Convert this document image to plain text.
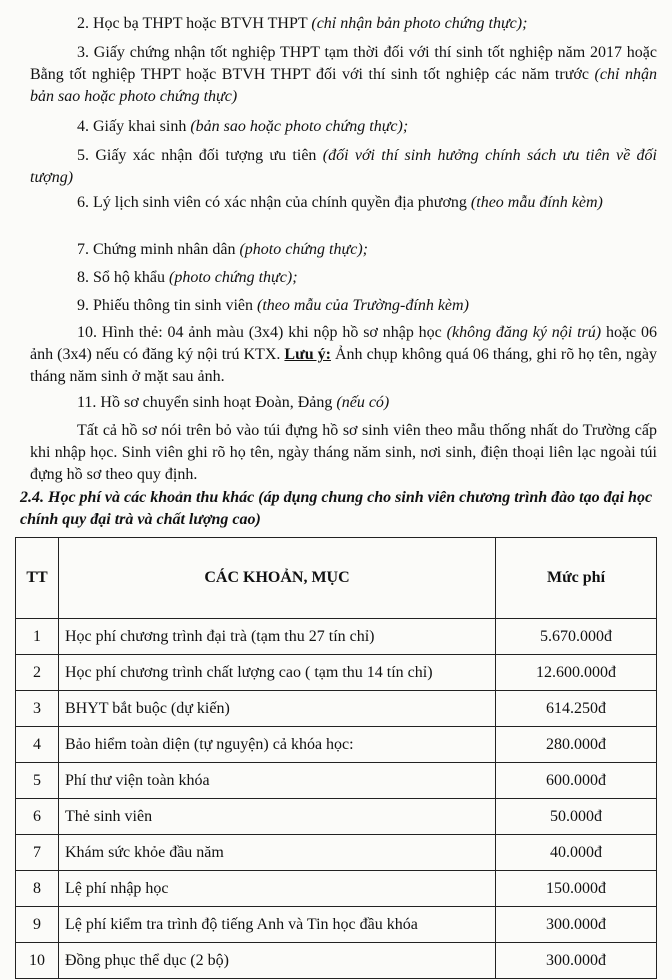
2. Học bạ THPT hoặc BTVH THPT (chỉ nhận bản photo chứng thực);

3. Giấy chứng nhận tốt nghiệp THPT tạm thời đối với thí sinh tốt nghiệp năm 2017 hoặc Bằng tốt nghiệp THPT hoặc BTVH THPT đối với thí sinh tốt nghiệp các năm trước (chỉ nhận bản sao hoặc photo chứng thực)

4. Giấy khai sinh (bản sao hoặc photo chứng thực);

5. Giấy xác nhận đối tượng ưu tiên (đối với thí sinh hưởng chính sách ưu tiên về đối tượng)

6. Lý lịch sinh viên có xác nhận của chính quyền địa phương (theo mẫu đính kèm)

7. Chứng minh nhân dân (photo chứng thực);

8. Sổ hộ khẩu (photo chứng thực);

9. Phiếu thông tin sinh viên (theo mẫu của Trường-đính kèm)

10. Hình thẻ: 04 ảnh màu (3x4) khi nộp hồ sơ nhập học (không đăng ký nội trú) hoặc 06 ảnh (3x4) nếu có đăng ký nội trú KTX. Lưu ý: Ảnh chụp không quá 06 tháng, ghi rõ họ tên, ngày tháng năm sinh ở mặt sau ảnh.

11. Hồ sơ chuyển sinh hoạt Đoàn, Đảng (nếu có)

Tất cả hồ sơ nói trên bỏ vào túi đựng hồ sơ sinh viên theo mẫu thống nhất do Trường cấp khi nhập học. Sinh viên ghi rõ họ tên, ngày tháng năm sinh, nơi sinh, điện thoại liên lạc ngoài túi đựng hồ sơ theo quy định.

2.4. Học phí và các khoản thu khác (áp dụng chung cho sinh viên chương trình đào tạo đại học chính quy đại trà và chất lượng cao)
TT	CÁC KHOẢN, MỤC	Mức phí
1	Học phí chương trình đại trà (tạm thu 27 tín chỉ)	5.670.000đ
2	Học phí chương trình chất lượng cao ( tạm thu 14 tín chỉ)	12.600.000đ
3	BHYT bắt buộc (dự kiến)	614.250đ
4	Bảo hiểm toàn diện (tự nguyện) cả khóa học:	280.000đ
5	Phí thư viện toàn khóa	600.000đ
6	Thẻ sinh viên	50.000đ
7	Khám sức khỏe đầu năm	40.000đ
8	Lệ phí nhập học	150.000đ
9	Lệ phí kiểm tra trình độ tiếng Anh và Tin học đầu khóa	300.000đ
10	Đồng phục thể dục (2 bộ)	300.000đ
